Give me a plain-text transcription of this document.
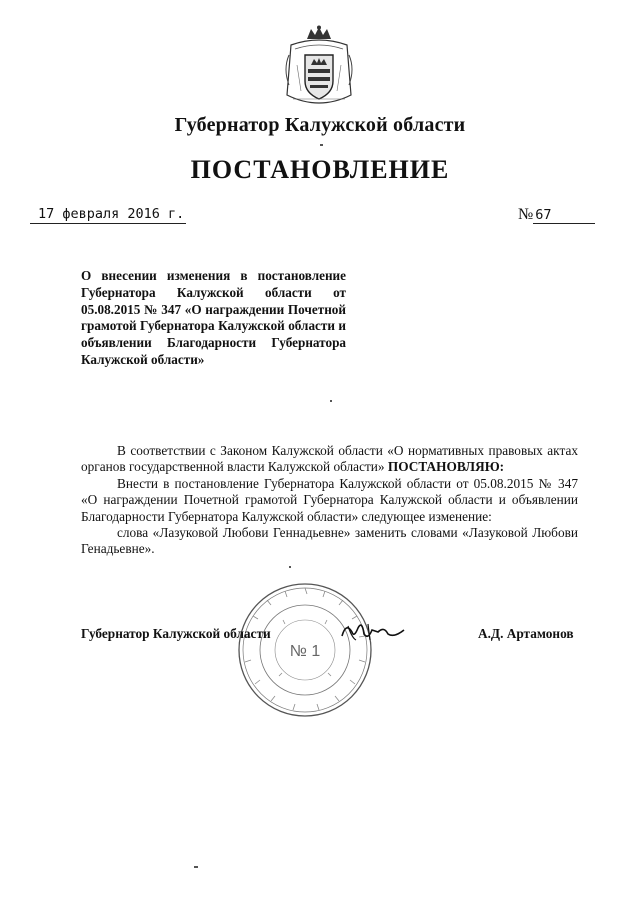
Губернатор Калужской области
ПОСТАНОВЛЕНИЕ
17 февраля 2016 г.	№ 67
О внесении изменения в постановление Губернатора Калужской области от 05.08.2015 № 347 «О награждении Почетной грамотой Губернатора Калужской области и объявлении Благодарности Губернатора Калужской области»

В соответствии с Законом Калужской области «О нормативных правовых актах органов государственной власти Калужской области» ПОСТАНОВЛЯЮ:

Внести в постановление Губернатора Калужской области от 05.08.2015 № 347 «О награждении Почетной грамотой Губернатора Калужской области и объявлении Благодарности Губернатора Калужской области» следующее изменение:

слова «Лазуковой Любови Геннадьевне» заменить словами «Лазуковой Любови Генадьевне».

№ 1
Губернатор Калужской области	А.Д. Артамонов
